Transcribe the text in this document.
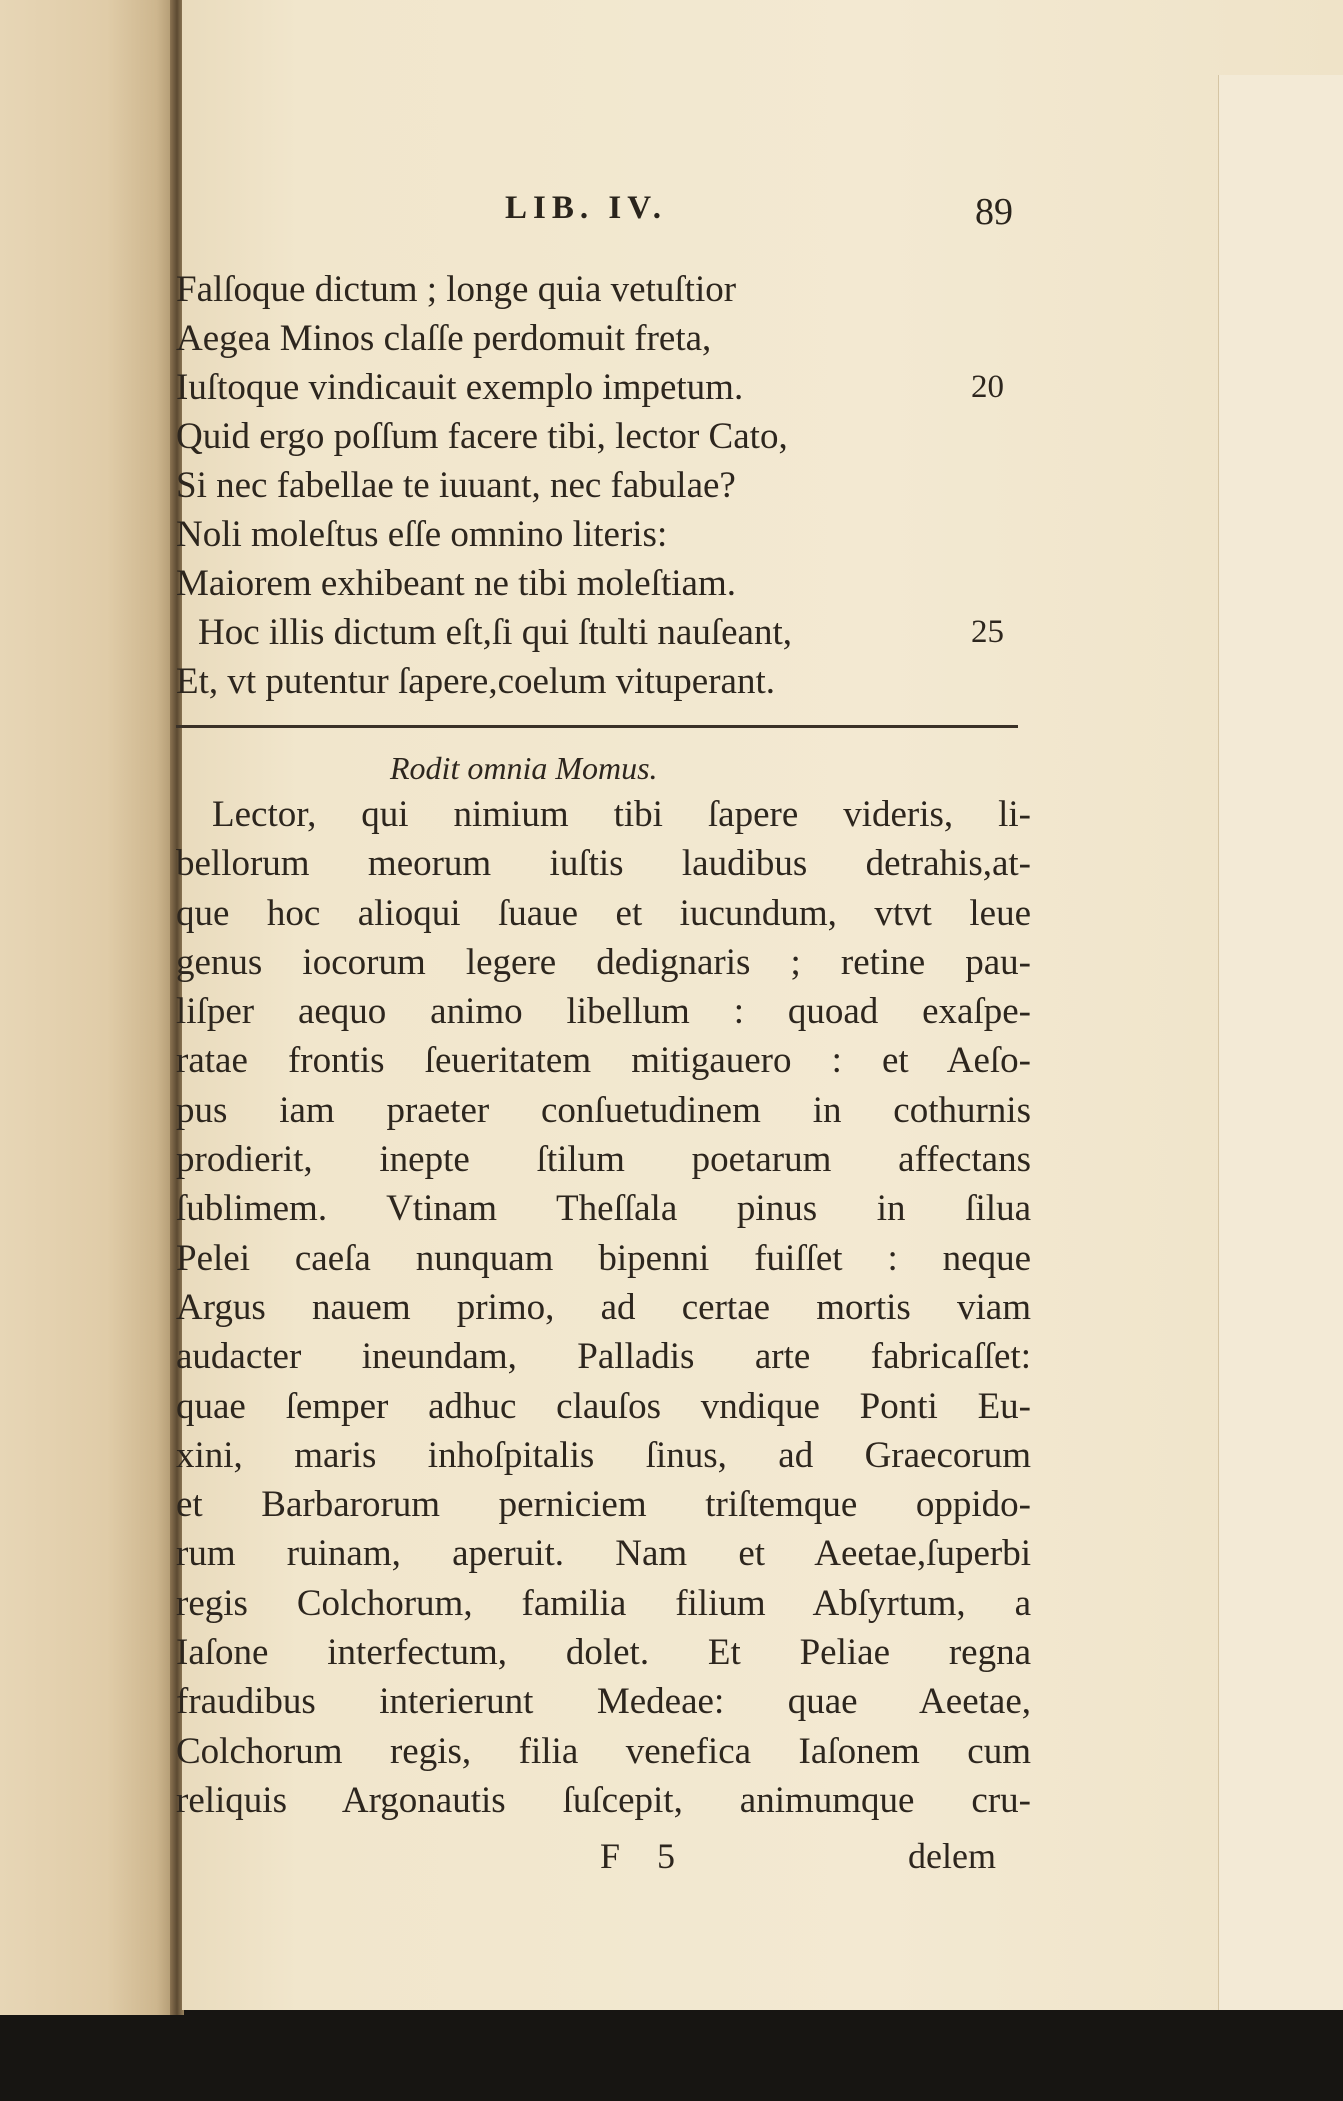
LIB. IV.	89
Falſoque dictum ; longe quia vetuſtior
Aegea Minos claſſe perdomuit freta,
Iuſtoque vindicauit exemplo impetum.	20
Quid ergo poſſum facere tibi, lector Cato,
Si nec fabellae te iuuant, nec fabulae?
Noli moleſtus eſſe omnino literis:
Maiorem exhibeant ne tibi moleſtiam.
Hoc illis dictum eſt,ſi qui ſtulti nauſeant,	25
Et, vt putentur ſapere,coelum vituperant.
Rodit omnia Momus.
Lector, qui nimium tibi ſapere videris, li-
bellorum meorum iuſtis laudibus detrahis,at-
que hoc alioqui ſuaue et iucundum, vtvt leue
genus iocorum legere dedignaris ; retine pau-
liſper aequo animo libellum : quoad exaſpe-
ratae frontis ſeueritatem mitigauero : et Aeſo-
pus iam praeter conſuetudinem in cothurnis
prodierit, inepte ſtilum poetarum affectans
ſublimem. Vtinam Theſſala pinus in ſilua
Pelei caeſa nunquam bipenni fuiſſet : neque
Argus nauem primo, ad certae mortis viam
audacter ineundam, Palladis arte fabricaſſet:
quae ſemper adhuc clauſos vndique Ponti Eu-
xini, maris inhoſpitalis ſinus, ad Graecorum
et Barbarorum perniciem triſtemque oppido-
rum ruinam, aperuit. Nam et Aeetae,ſuperbi
regis Colchorum, familia filium Abſyrtum, a
Iaſone interfectum, dolet. Et Peliae regna
fraudibus interierunt Medeae: quae Aeetae,
Colchorum regis, filia venefica Iaſonem cum
reliquis Argonautis ſuſcepit, animumque cru-
F 5	delem
